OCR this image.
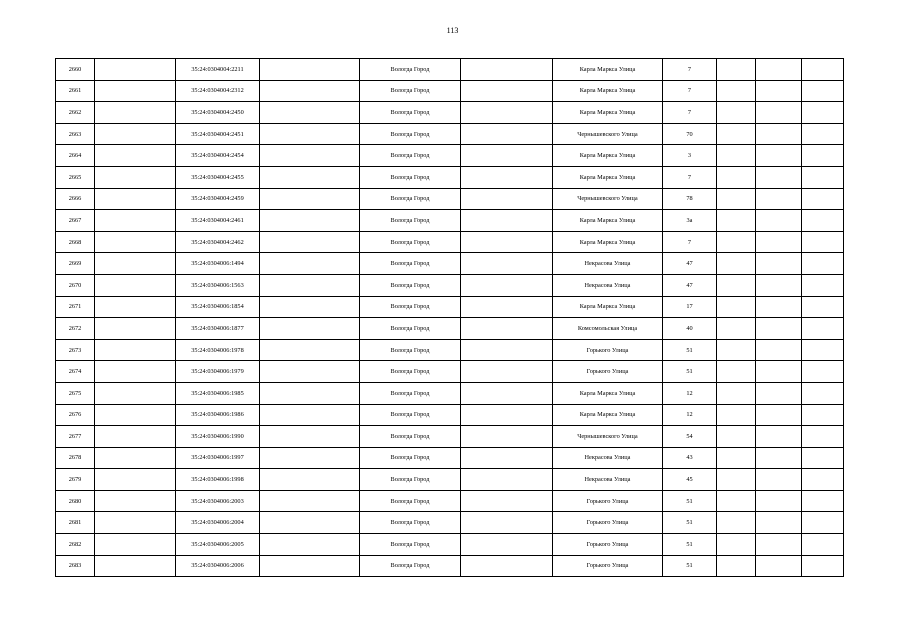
113
2660		35:24:0304004:2211		Вологда Город		Карла Маркса Улица	7			
2661		35:24:0304004:2312		Вологда Город		Карла Маркса Улица	7			
2662		35:24:0304004:2450		Вологда Город		Карла Маркса Улица	7			
2663		35:24:0304004:2451		Вологда Город		Чернышевского Улица	70			
2664		35:24:0304004:2454		Вологда Город		Карла Маркса Улица	3			
2665		35:24:0304004:2455		Вологда Город		Карла Маркса Улица	7			
2666		35:24:0304004:2459		Вологда Город		Чернышевского Улица	78			
2667		35:24:0304004:2461		Вологда Город		Карла Маркса Улица	3а			
2668		35:24:0304004:2462		Вологда Город		Карла Маркса Улица	7			
2669		35:24:0304006:1494		Вологда Город		Некрасова Улица	47			
2670		35:24:0304006:1563		Вологда Город		Некрасова Улица	47			
2671		35:24:0304006:1854		Вологда Город		Карла Маркса Улица	17			
2672		35:24:0304006:1877		Вологда Город		Комсомольская Улица	40			
2673		35:24:0304006:1978		Вологда Город		Горького Улица	51			
2674		35:24:0304006:1979		Вологда Город		Горького Улица	51			
2675		35:24:0304006:1985		Вологда Город		Карла Маркса Улица	12			
2676		35:24:0304006:1986		Вологда Город		Карла Маркса Улица	12			
2677		35:24:0304006:1990		Вологда Город		Чернышевского Улица	54			
2678		35:24:0304006:1997		Вологда Город		Некрасова Улица	43			
2679		35:24:0304006:1998		Вологда Город		Некрасова Улица	45			
2680		35:24:0304006:2003		Вологда Город		Горького Улица	51			
2681		35:24:0304006:2004		Вологда Город		Горького Улица	51			
2682		35:24:0304006:2005		Вологда Город		Горького Улица	51			
2683		35:24:0304006:2006		Вологда Город		Горького Улица	51			
